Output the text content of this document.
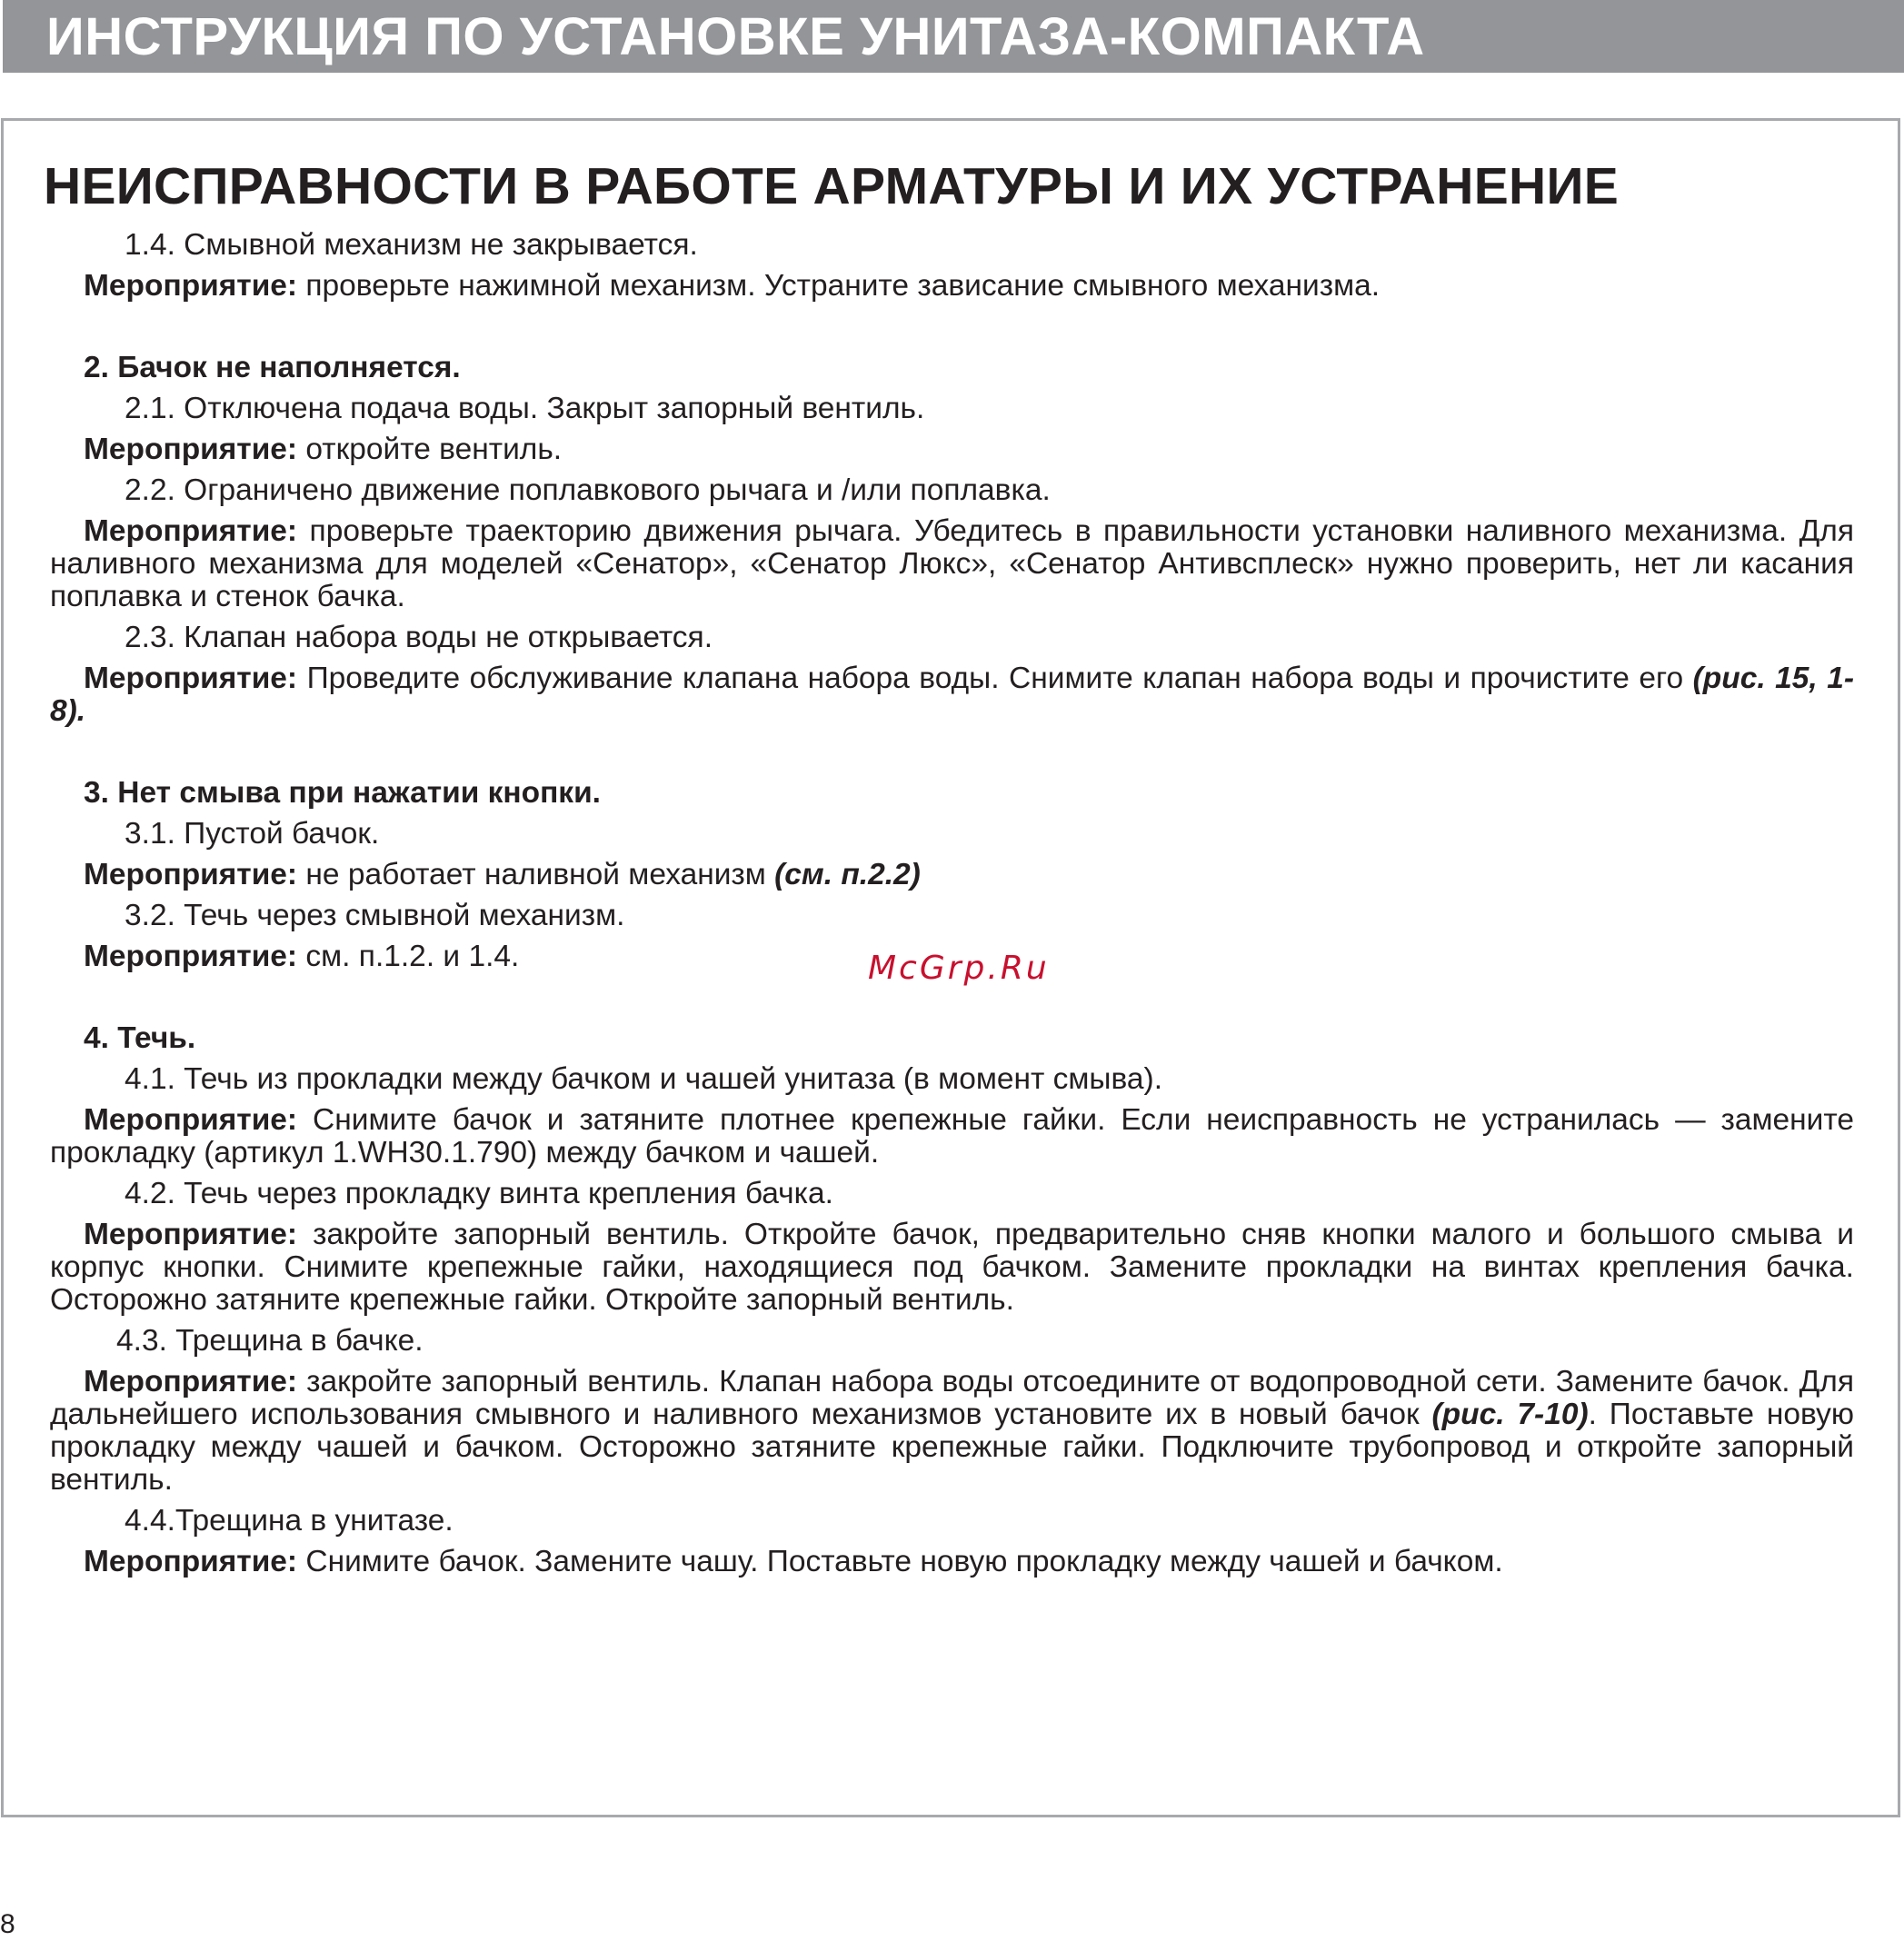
ИНСТРУКЦИЯ ПО УСТАНОВКЕ УНИТАЗА-КОМПАКТА
НЕИСПРАВНОСТИ В РАБОТЕ АРМАТУРЫ И ИХ УСТРАНЕНИЕ

1.4. Смывной механизм не закрывается.

Мероприятие: проверьте нажимной механизм. Устраните зависание смывного механизма.

2. Бачок не наполняется.

2.1. Отключена подача воды. Закрыт запорный вентиль.

Мероприятие: откройте вентиль.

2.2. Ограничено движение поплавкового рычага и /или поплавка.

Мероприятие: проверьте траекторию движения рычага. Убедитесь в правильности установки наливного механизма. Для наливного механизма для моделей «Сенатор», «Сенатор Люкс», «Сенатор Антивсплеск» нужно проверить, нет ли касания поплавка и стенок бачка.

2.3. Клапан набора воды не открывается.

Мероприятие: Проведите обслуживание клапана набора воды. Снимите клапан набора воды и прочистите его (рис. 15, 1-8).

3. Нет смыва при нажатии кнопки.

3.1. Пустой бачок.

Мероприятие: не работает наливной механизм (см. п.2.2)

3.2. Течь через смывной механизм.

Мероприятие: см. п.1.2. и 1.4.

4. Течь.

4.1. Течь из прокладки между бачком и чашей унитаза (в момент смыва).

Мероприятие: Снимите бачок и затяните плотнее крепежные гайки. Если неисправность не устранилась — замените прокладку (артикул 1.WH30.1.790) между бачком и чашей.

4.2. Течь через прокладку винта крепления бачка.

Мероприятие: закройте запорный вентиль. Откройте бачок, предварительно сняв кнопки малого и большого смыва и корпус кнопки. Снимите крепежные гайки, находящиеся под бачком. Замените прокладки на винтах крепления бачка. Осторожно затяните крепежные гайки. Откройте запорный вентиль.

4.3. Трещина в бачке.

Мероприятие: закройте запорный вентиль. Клапан набора воды отсоедините от водопроводной сети. Замените бачок. Для дальнейшего использования смывного и наливного механизмов установите их в новый бачок (рис. 7-10). Поставьте новую прокладку между чашей и бачком. Осторожно затяните крепежные гайки. Подключите трубопровод и откройте запорный вентиль.

4.4.Трещина в унитазе.

Мероприятие: Снимите бачок. Замените чашу. Поставьте новую прокладку между чашей и бачком.

McGrp.Ru
8
